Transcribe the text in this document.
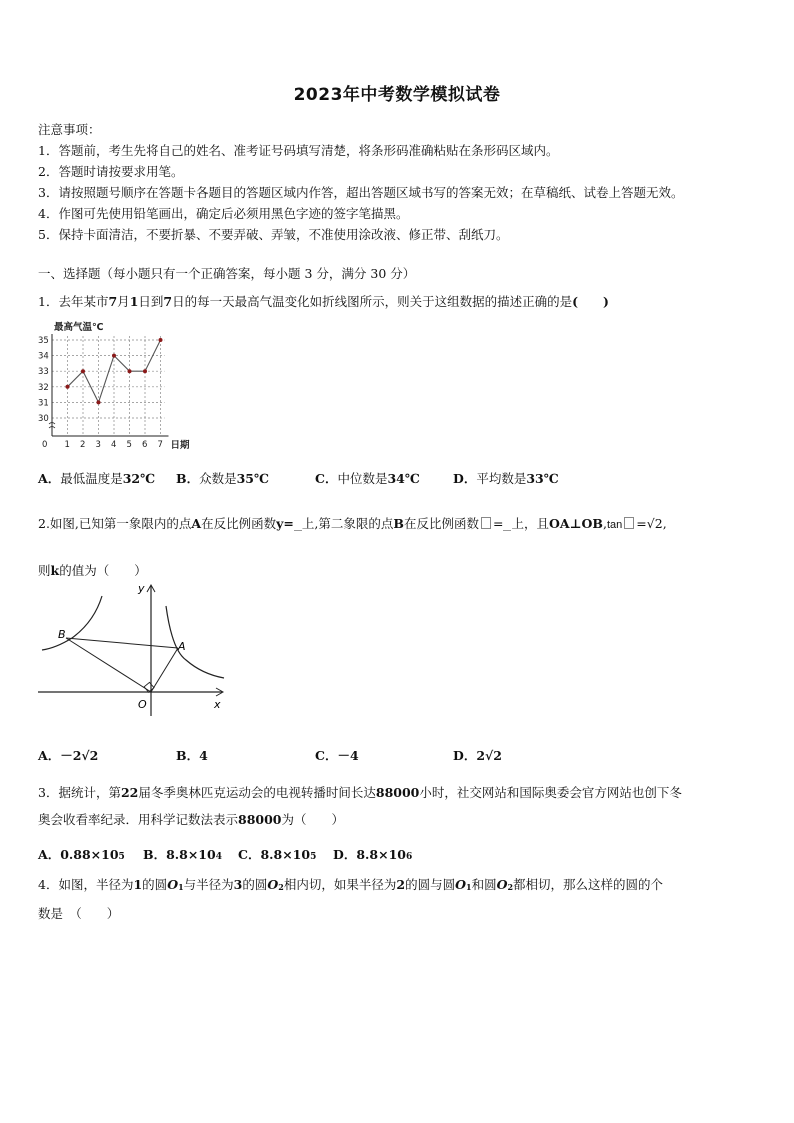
2023年中考数学模拟试卷
注意事项：
1．答题前，考生先将自己的姓名、准考证号码填写清楚，将条形码准确粘贴在条形码区域内。
2．答题时请按要求用笔。
3．请按照题号顺序在答题卡各题目的答题区域内作答，超出答题区域书写的答案无效；在草稿纸、试卷上答题无效。
4．作图可先使用铅笔画出，确定后必须用黑色字迹的签字笔描黑。
5．保持卡面清洁，不要折暴、不要弄破、弄皱，不准使用涂改液、修正带、刮纸刀。
一、选择题（每小题只有一个正确答案，每小题 3 分，满分 30 分）
1．去年某市7月1日到7日的每一天最高气温变化如折线图所示，则关于这组数据的描述正确的是(　　)
最高气温℃
日期
0 1 2 3 4 5 6 7
30
31
32
33
34
35
A．最低温度是32℃ B．众数是35℃	C．中位数是34℃	D．平均数是33℃
2.如图,已知第一象限内的点A在反比例函数y= 上,第二象限的点B在反比例函数 = 上，且OA⊥OB,tan =√2,
则k的值为（　　）
y
x
O
A
B
A．－2√2	B．4	C．－4	D．2√2
3．据统计，第22届冬季奥林匹克运动会的电视转播时间长达88000小时，社交网站和国际奥委会官方网站也创下冬
奥会收看率纪录．用科学记数法表示88000为（　　）
A．0.88×105 B．8.8×104 C．8.8×105 D．8.8×106
4．如图，半径为1的圆O1与半径为3的圆O2相内切，如果半径为2的圆与圆O1和圆O2都相切，那么这样的圆的个
数是　（　　）
